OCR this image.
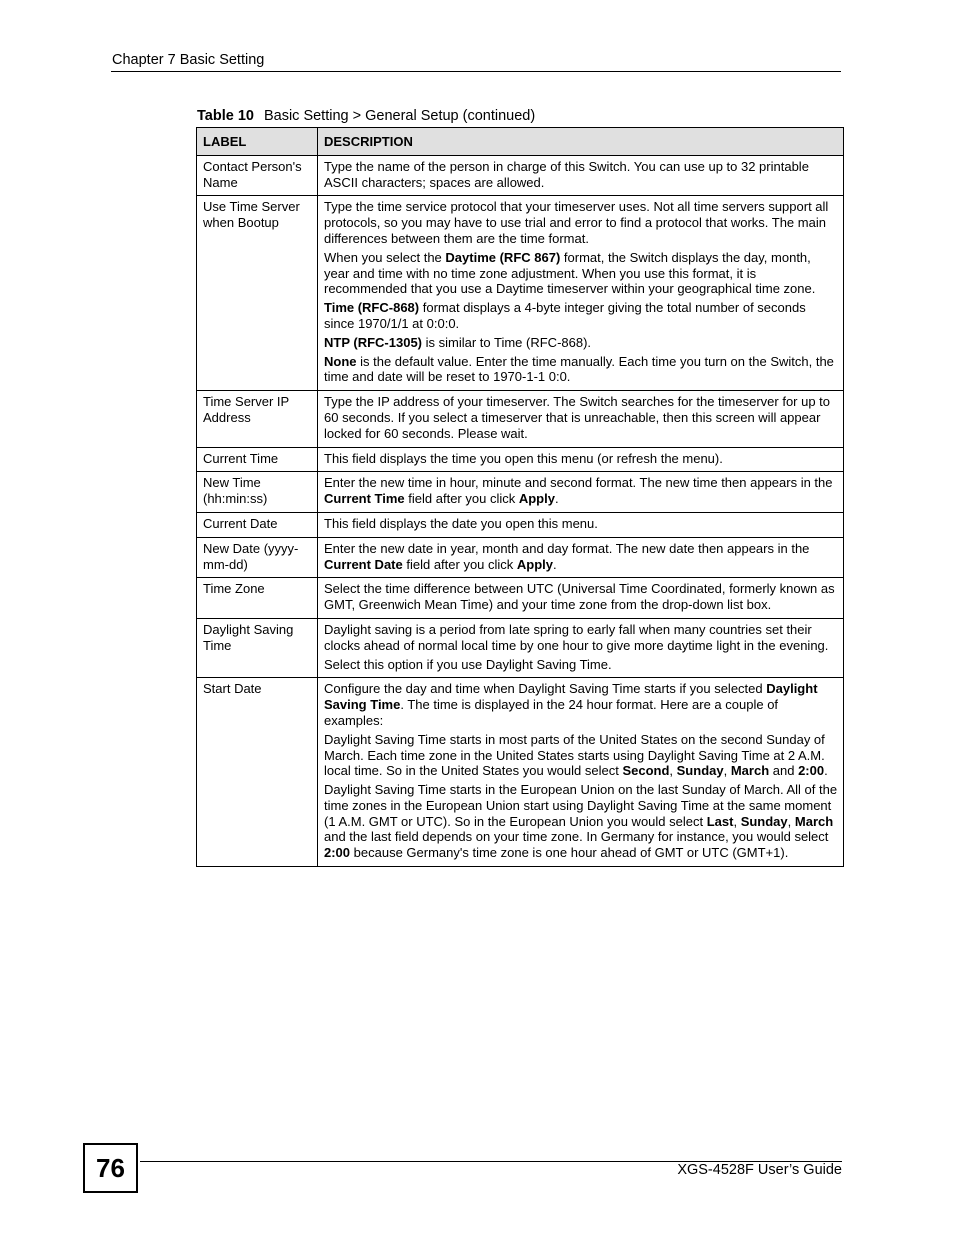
Chapter 7 Basic Setting
Table 10 Basic Setting > General Setup (continued)
LABEL	DESCRIPTION
Contact Person's Name	Type the name of the person in charge of this Switch. You can use up to 32 printable ASCII characters; spaces are allowed.

Use Time Server when Bootup	Type the time service protocol that your timeserver uses. Not all time servers support all protocols, so you may have to use trial and error to find a protocol that works. The main differences between them are the time format.
When you select the Daytime (RFC 867) format, the Switch displays the day, month, year and time with no time zone adjustment. When you use this format, it is recommended that you use a Daytime timeserver within your geographical time zone.
Time (RFC-868) format displays a 4-byte integer giving the total number of seconds since 1970/1/1 at 0:0:0.
NTP (RFC-1305) is similar to Time (RFC-868).
None is the default value. Enter the time manually. Each time you turn on the Switch, the time and date will be reset to 1970-1-1 0:0.

Time Server IP Address	Type the IP address of your timeserver. The Switch searches for the timeserver for up to 60 seconds. If you select a timeserver that is unreachable, then this screen will appear locked for 60 seconds. Please wait.

Current Time	This field displays the time you open this menu (or refresh the menu).

New Time (hh:min:ss)	Enter the new time in hour, minute and second format. The new time then appears in the Current Time field after you click Apply.

Current Date	This field displays the date you open this menu.

New Date (yyyy-mm-dd)	Enter the new date in year, month and day format. The new date then appears in the Current Date field after you click Apply.

Time Zone	Select the time difference between UTC (Universal Time Coordinated, formerly known as GMT, Greenwich Mean Time) and your time zone from the drop-down list box.

Daylight Saving Time	Daylight saving is a period from late spring to early fall when many countries set their clocks ahead of normal local time by one hour to give more daytime light in the evening.
Select this option if you use Daylight Saving Time.

Start Date	Configure the day and time when Daylight Saving Time starts if you selected Daylight Saving Time. The time is displayed in the 24 hour format. Here are a couple of examples:
Daylight Saving Time starts in most parts of the United States on the second Sunday of March. Each time zone in the United States starts using Daylight Saving Time at 2 A.M. local time. So in the United States you would select Second, Sunday, March and 2:00.
Daylight Saving Time starts in the European Union on the last Sunday of March. All of the time zones in the European Union start using Daylight Saving Time at the same moment (1 A.M. GMT or UTC). So in the European Union you would select Last, Sunday, March and the last field depends on your time zone. In Germany for instance, you would select 2:00 because Germany's time zone is one hour ahead of GMT or UTC (GMT+1).
76	XGS-4528F User’s Guide
